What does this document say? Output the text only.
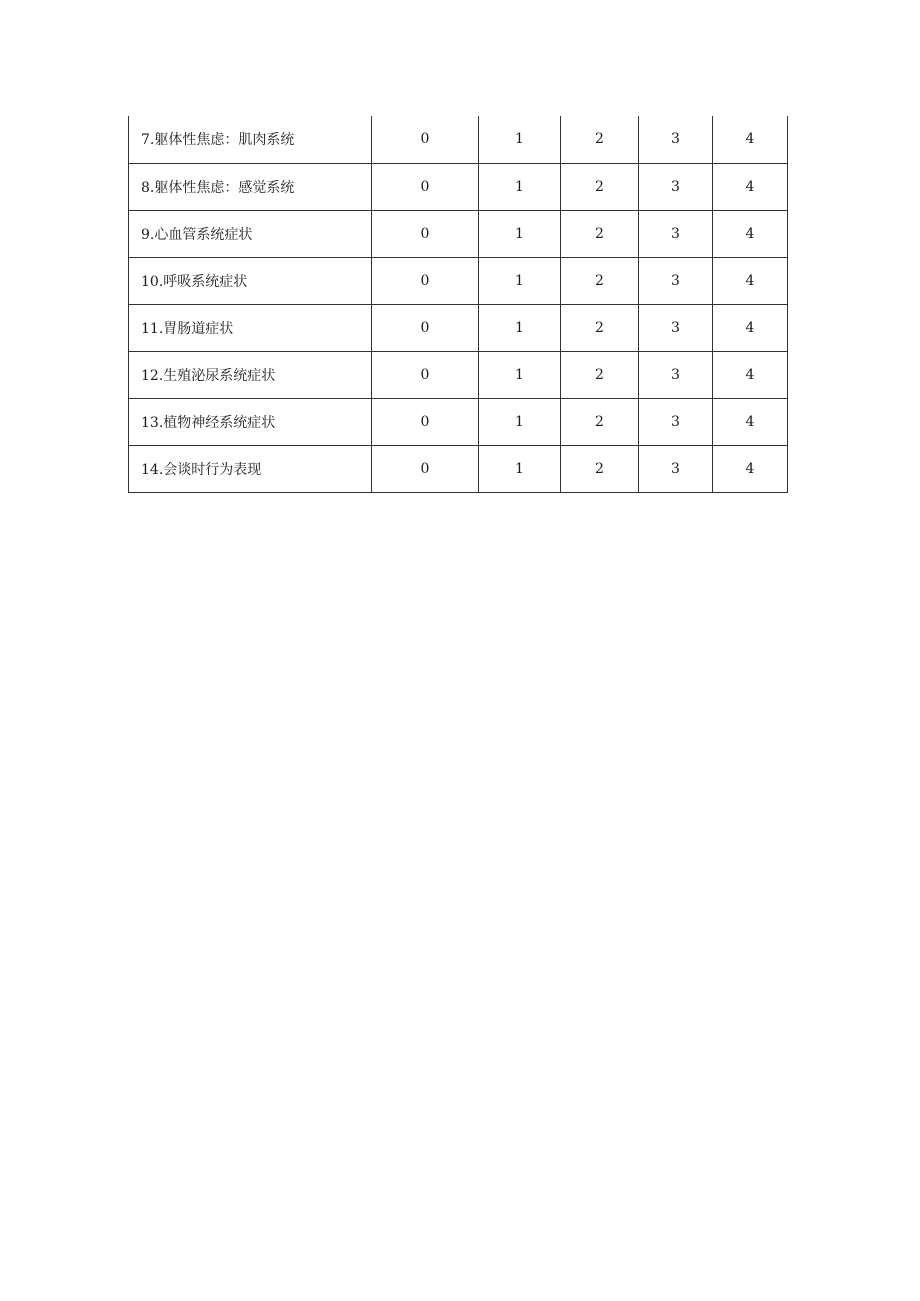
7.躯体性焦虑：肌肉系统	0	1	2	3	4
8.躯体性焦虑：感觉系统	0	1	2	3	4
9.心血管系统症状	0	1	2	3	4
10.呼吸系统症状	0	1	2	3	4
11.胃肠道症状	0	1	2	3	4
12.生殖泌尿系统症状	0	1	2	3	4
13.植物神经系统症状	0	1	2	3	4
14.会谈时行为表现	0	1	2	3	4
